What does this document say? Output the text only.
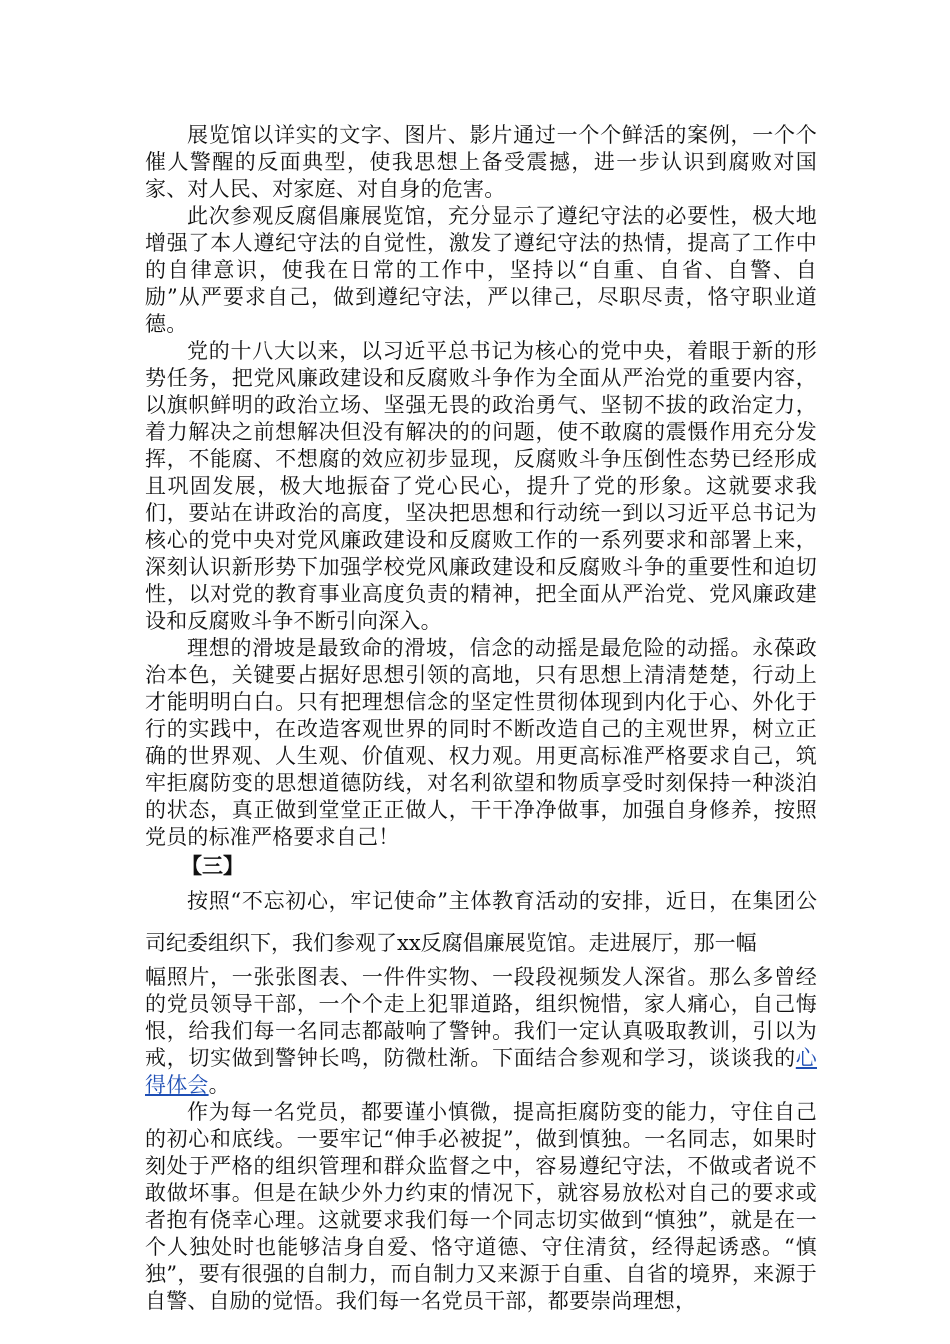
展览馆以详实的文字、图片、影片通过一个个鲜活的案例，一个个催人警醒的反面典型，使我思想上备受震撼，进一步认识到腐败对国家、对人民、对家庭、对自身的危害。

此次参观反腐倡廉展览馆，充分显示了遵纪守法的必要性，极大地增强了本人遵纪守法的自觉性，激发了遵纪守法的热情，提高了工作中的自律意识，使我在日常的工作中，坚持以“自重、自省、自警、自励”从严要求自己，做到遵纪守法，严以律己，尽职尽责，恪守职业道德。

党的十八大以来，以习近平总书记为核心的党中央，着眼于新的形势任务，把党风廉政建设和反腐败斗争作为全面从严治党的重要内容，以旗帜鲜明的政治立场、坚强无畏的政治勇气、坚韧不拔的政治定力，着力解决之前想解决但没有解决的的问题，使不敢腐的震慑作用充分发挥，不能腐、不想腐的效应初步显现，反腐败斗争压倒性态势已经形成且巩固发展，极大地振奋了党心民心，提升了党的形象。这就要求我们，要站在讲政治的高度，坚决把思想和行动统一到以习近平总书记为核心的党中央对党风廉政建设和反腐败工作的一系列要求和部署上来，深刻认识新形势下加强学校党风廉政建设和反腐败斗争的重要性和迫切性，以对党的教育事业高度负责的精神，把全面从严治党、党风廉政建设和反腐败斗争不断引向深入。

理想的滑坡是最致命的滑坡，信念的动摇是最危险的动摇。永葆政治本色，关键要占据好思想引领的高地，只有思想上清清楚楚，行动上才能明明白白。只有把理想信念的坚定性贯彻体现到内化于心、外化于行的实践中，在改造客观世界的同时不断改造自己的主观世界，树立正确的世界观、人生观、价值观、权力观。用更高标准严格要求自己，筑牢拒腐防变的思想道德防线，对名利欲望和物质享受时刻保持一种淡泊的状态，真正做到堂堂正正做人，干干净净做事，加强自身修养，按照党员的标准严格要求自己！

【三】

按照“不忘初心，牢记使命”主体教育活动的安排，近日，在集团公司纪委组织下，我们参观了xx反腐倡廉展览馆。走进展厅，那一幅

幅照片，一张张图表、一件件实物、一段段视频发人深省。那么多曾经的党员领导干部，一个个走上犯罪道路，组织惋惜，家人痛心，自己悔恨，给我们每一名同志都敲响了警钟。我们一定认真吸取教训，引以为戒，切实做到警钟长鸣，防微杜渐。下面结合参观和学习，谈谈我的心得体会。

作为每一名党员，都要谨小慎微，提高拒腐防变的能力，守住自己的初心和底线。一要牢记“伸手必被捉”，做到慎独。一名同志，如果时刻处于严格的组织管理和群众监督之中，容易遵纪守法，不做或者说不敢做坏事。但是在缺少外力约束的情况下，就容易放松对自己的要求或者抱有侥幸心理。这就要求我们每一个同志切实做到“慎独”，就是在一个人独处时也能够洁身自爱、恪守道德、守住清贫，经得起诱惑。“慎独”，要有很强的自制力，而自制力又来源于自重、自省的境界，来源于自警、自励的觉悟。我们每一名党员干部，都要崇尚理想，
